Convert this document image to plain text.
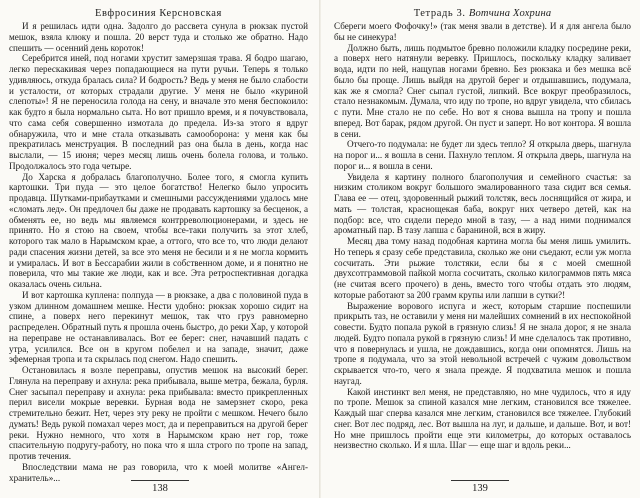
Евфросиния Керсновская

И я решилась идти одна. Задолго до рассвета сунула в рюкзак пустой мешок, взяла клюку и пошла. 20 верст туда и столько же обратно. Надо спешить — осенний день короток!

Серебрится иней, под ногами хрустит замерзшая трава. Я бодро шагаю, легко перескакивая через попадающиеся на пути ручьи. Теперь я только удивляюсь, откуда бралась сила? И бодрость? Ведь у меня не было слабости и усталости, от которых страдали другие. У меня не было «куриной слепоты»! Я не переносила голода на сену, и вначале это меня беспокоило: как будто я была нормально сыта. Но вот пришло время, и я почувствовала, что сама себя совершенно измотала до предела. Из-за этого я вдруг обнаружила, что и мне стала отказывать самооборона: у меня как бы прекратилась менструация. В последний раз она была в день, когда нас выслали, — 15 июня; через месяц лишь очень болела голова, и только. Продолжалось это года четыре.

До Харска я добралась благополучно. Более того, я смогла купить картошки. Три пуда — это целое богатство! Нелегко было упросить продавца. Шутками-прибаутками и смешными рассуждениями удалось мне «сломать лед». Он предлочел бы даже не продавать картошку за бесценок, а обменять ее, но ведь мы являемся контрреволюционерами, и здесь не принято. Но я стою на своем, чтобы все-таки получить за этот хлеб, которого так мало в Нарымском крае, а оттого, что все то, что люди делают ради спасения жизни детей, за все это меня не бесили и я не могла кормить и умиралась. И вот в Бессарабии жили в собственном доме, и я понятно не поверила, что мы такие же люди, как и все. Эта ретроспективная догадка оказалась очень сильна.

И вот картошка куплена: полпуда — в рюкзаке, а два с половиной пуда в узком длинном домашнем мешке. Нести удобно: рюкзак хорошо сидит на спине, а поверх него перекинут мешок, так что груз равномерно распределен. Обратный путь я прошла очень быстро, до реки Хар, у которой на переправе не останавливалась. Вот ее берег: снег, начавший падать с утра, усилился. Все он в кругом побелел и на западе, значит, даже эфемерная тропа и та скрылась под снегом. Надо спешить.

Остановилась я возле переправы, опустив мешок на высокий берег. Глянула на переправу и ахнула: река прибывала, выше метра, бежала, бурля. Снег засыпал переправу и ахнула: река прибывала: вместо прикрепленных перил висели мокрые веревки. Бурная вода не замерзнет скоро, река стремительно бежит. Нет, через эту реку не пройти с мешком. Нечего было думать! Ведь рукой помахал через мост, да и переправиться на другой берег реки. Нужно немного, что хотя в Нарымском краю нет гор, тоже спасительную подругу-работу, но пока что я шла строго по тропе на запад, против течения.

Впоследствии мама не раз говорила, что к моей молитве «Ангел-хранитель»...

138
Тетрадь 3. Вотчина Хохрина

Сбереги моего Фофочку!» (так меня звали в детстве). И я для ангела было бы не синекура!

Должно быть, лишь подмытое бревно положили кладку посредине реки, а поверх него натянули веревку. Пришлось, поскольку кладку заливает вода, идти по ней, нащупав ногами бревно. Без рюкзака и без мешка всё было бы проще. Лишь выйдя на другой берег и отдышавшись, подумала, как же я смогла? Снег сыпал густой, липкий. Все вокруг преобразилось, стало незнакомым. Думала, что иду по тропе, но вдруг увидела, что сбилась с пути. Мне стало не по себе. Но вот я снова вышла на тропу и пошла вперед. Вот барак, рядом другой. Он пуст и заперт. Но вот контора. Я вошла в сени.

Отчего-то подумала: не будет ли здесь тепло? Я открыла дверь, шагнула на порог и... я вошла в сени. Пахнуло теплом. Я открыла дверь, шагнула на порог и... я вошла в сени.

Увидела я картину полного благополучия и семейного счастья: за низким столиком вокруг большого эмалированного таза сидит вся семья. Глава ее — отец, здоровенный рыжий толстяк, весь лоснящийся от жира, и мать — толстая, краснощекая баба, вокруг них четверо детей, как на подбор: все, что сидели передо мной в тазу, — а над ними поднимался ароматный пар. В тазу лапша с бараниной, вся в жиру.

Месяц два тому назад подобная картина могла бы меня лишь умилить. Но теперь я сразу себе представила, сколько же они съедают, если уж могла сосчитать. Эти рыжие толстяки, если бы я с моей смешной двухсотграммовой пайкой могла сосчитать, сколько килограммов пять мяса (не считая всего прочего) в день, вместо того чтобы отдать это людям, которые работают за 200 грамм крупы или лапши в сутки?!

Выражение ворового испуга и жест, которым старшие поспешили прикрыть таз, не оставили у меня ни малейших сомнений в их неспокойной совести. Будто попала рукой в грязную слизь! Я не знала дорог, я не знала людей. Будто попала рукой в грязную слизь! И мне сделалось так противно, что я повернулась и ушла, не дождавшись, когда они опомнятся. Лишь на тропе я подумала, что за этой невольной встречей с чужим довольством скрывается что-то, чего я знала прежде. Я подхватила мешок и пошла наугад.

Какой инстинкт вел меня, не представляю, но мне чудилось, что я иду по тропе. Мешок за спиной казался мне легким, становился все тяжелее. Каждый шаг сперва казался мне легким, становился все тяжелее. Глубокий снег. Вот лес подряд, лес. Вот вышла на луг, и дальше, и дальше. Вот, и вот! Но мне пришлось пройти еще эти километры, до которых оставалось неизвестно сколько. И я шла. Шаг — еще шаг и вдоль реки...

139
